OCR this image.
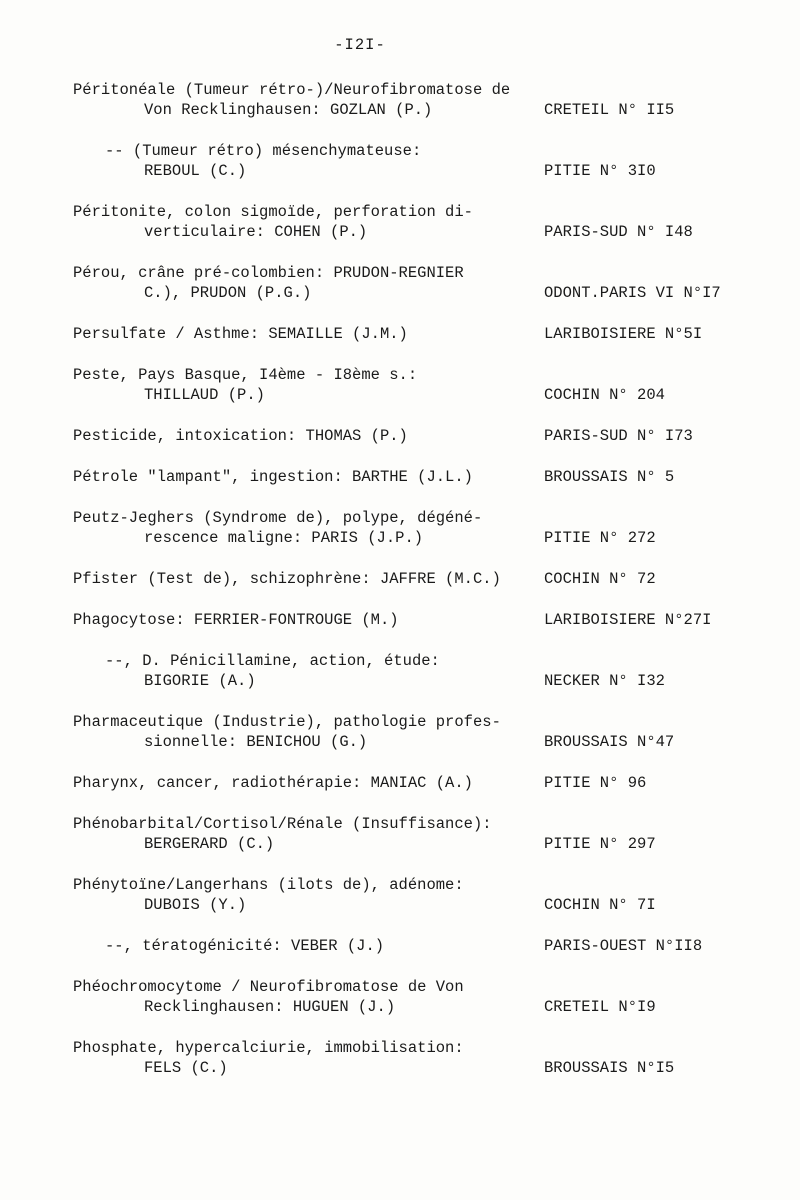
-I2I-
Péritonéale (Tumeur rétro-)/Neurofibromatose de
Von Recklinghausen: GOZLAN (P.)	CRETEIL N° II5
-- (Tumeur rétro) mésenchymateuse:
REBOUL (C.)	PITIE N° 3I0
Péritonite, colon sigmoïde, perforation di-
verticulaire: COHEN (P.)	PARIS-SUD N° I48
Pérou, crâne pré-colombien: PRUDON-REGNIER
C.), PRUDON (P.G.)	ODONT.PARIS VI N°I7
Persulfate / Asthme: SEMAILLE (J.M.)	LARIBOISIERE N°5I
Peste, Pays Basque, I4ème - I8ème s.:
THILLAUD (P.)	COCHIN N° 204
Pesticide, intoxication: THOMAS (P.)	PARIS-SUD N° I73
Pétrole "lampant", ingestion: BARTHE (J.L.)	BROUSSAIS N° 5
Peutz-Jeghers (Syndrome de), polype, dégéné-
rescence maligne: PARIS (J.P.)	PITIE N° 272
Pfister (Test de), schizophrène: JAFFRE (M.C.)	COCHIN N° 72
Phagocytose: FERRIER-FONTROUGE (M.)	LARIBOISIERE N°27I
--, D. Pénicillamine, action, étude:
BIGORIE (A.)	NECKER N° I32
Pharmaceutique (Industrie), pathologie profes-
sionnelle: BENICHOU (G.)	BROUSSAIS N°47
Pharynx, cancer, radiothérapie: MANIAC (A.)	PITIE N° 96
Phénobarbital/Cortisol/Rénale (Insuffisance):
BERGERARD (C.)	PITIE N° 297
Phénytoïne/Langerhans (ilots de), adénome:
DUBOIS (Y.)	COCHIN N° 7I
--, tératogénicité: VEBER (J.)	PARIS-OUEST N°II8
Phéochromocytome / Neurofibromatose de Von
Recklinghausen: HUGUEN (J.)	CRETEIL N°I9
Phosphate, hypercalciurie, immobilisation:
FELS (C.)	BROUSSAIS N°I5
